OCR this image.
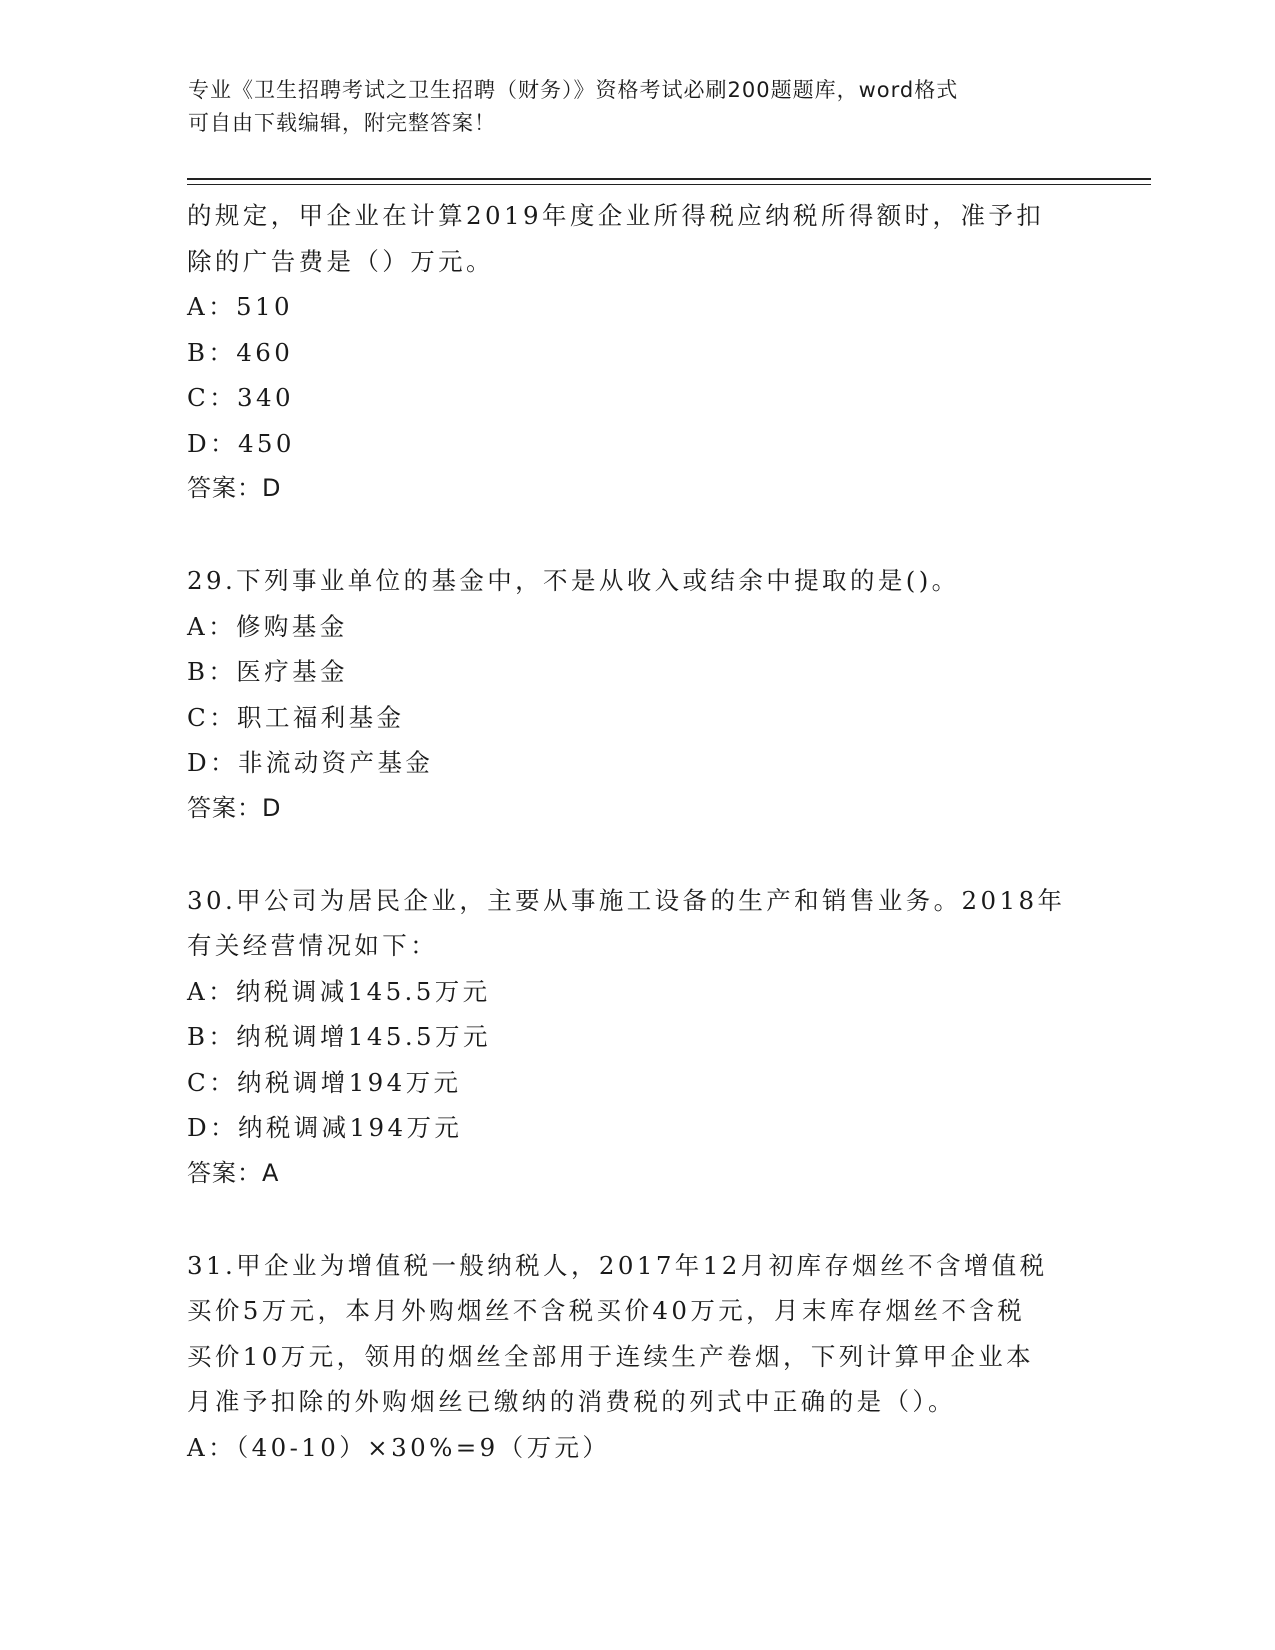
专业《卫生招聘考试之卫生招聘（财务）》资格考试必刷200题题库，word格式
可自由下载编辑，附完整答案！
的规定，甲企业在计算2019年度企业所得税应纳税所得额时，准予扣
除的广告费是（）万元。
A：510
B：460
C：340
D：450
答案：D
29.下列事业单位的基金中，不是从收入或结余中提取的是()。
A：修购基金
B：医疗基金
C：职工福利基金
D：非流动资产基金
答案：D
30.甲公司为居民企业，主要从事施工设备的生产和销售业务。2018年
有关经营情况如下：
A：纳税调减145.5万元
B：纳税调增145.5万元
C：纳税调增194万元
D：纳税调减194万元
答案：A
31.甲企业为增值税一般纳税人，2017年12月初库存烟丝不含增值税
买价5万元，本月外购烟丝不含税买价40万元，月末库存烟丝不含税
买价10万元，领用的烟丝全部用于连续生产卷烟，下列计算甲企业本
月准予扣除的外购烟丝已缴纳的消费税的列式中正确的是（）。
A：（40-10）×30%=9（万元）
